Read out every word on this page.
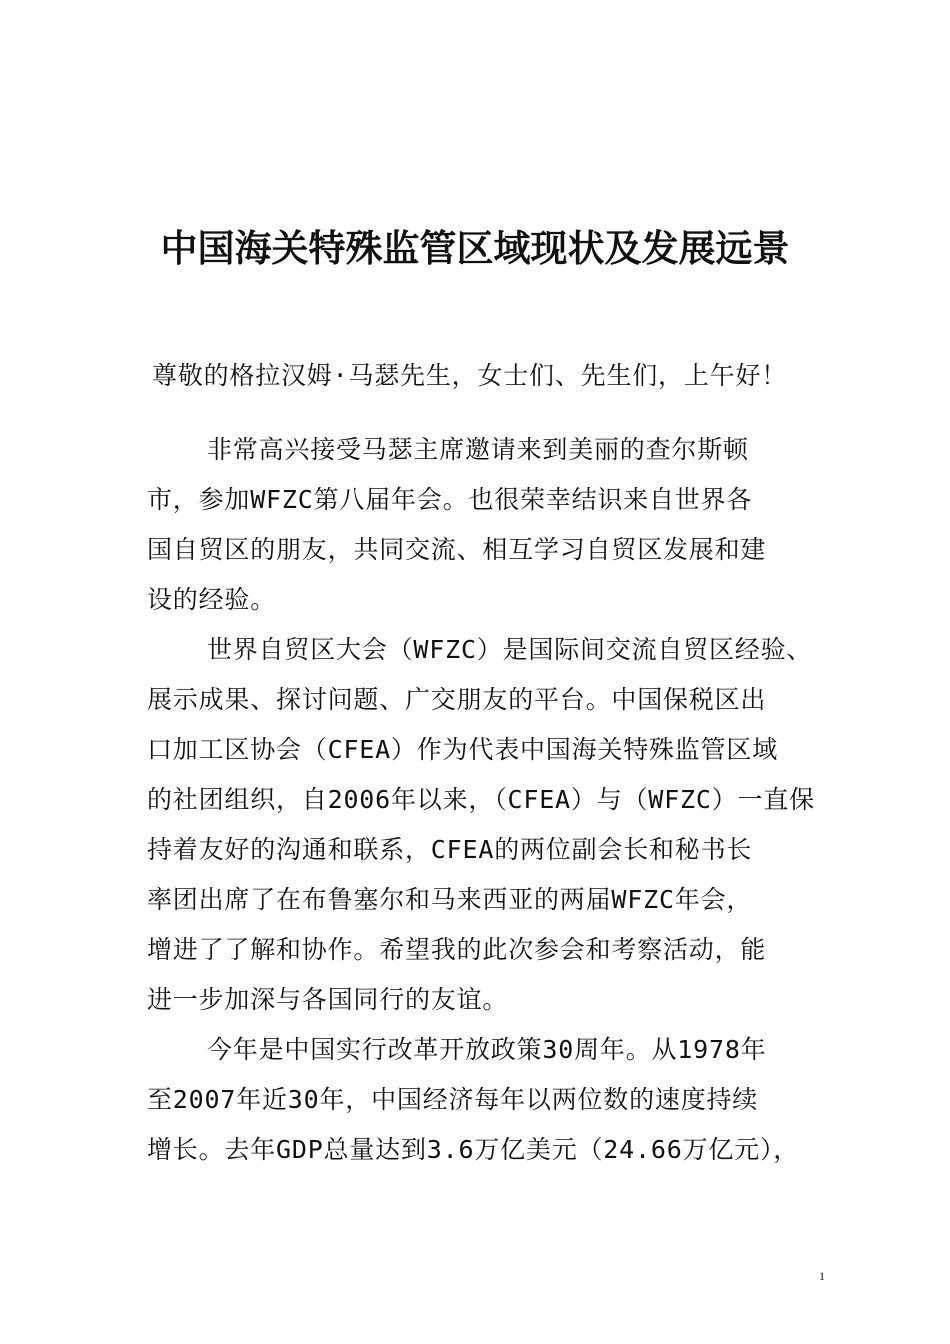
中国海关特殊监管区域现状及发展远景
尊敬的格拉汉姆·马瑟先生，女士们、先生们，上午好！
非常高兴接受马瑟主席邀请来到美丽的查尔斯顿
市，参加WFZC第八届年会。也很荣幸结识来自世界各
国自贸区的朋友，共同交流、相互学习自贸区发展和建
设的经验。
世界自贸区大会（WFZC）是国际间交流自贸区经验、
展示成果、探讨问题、广交朋友的平台。中国保税区出
口加工区协会（CFEA）作为代表中国海关特殊监管区域
的社团组织，自2006年以来，（CFEA）与（WFZC）一直保
持着友好的沟通和联系，CFEA的两位副会长和秘书长
率团出席了在布鲁塞尔和马来西亚的两届WFZC年会，
增进了了解和协作。希望我的此次参会和考察活动，能
进一步加深与各国同行的友谊。
今年是中国实行改革开放政策30周年。从1978年
至2007年近30年，中国经济每年以两位数的速度持续
增长。去年GDP总量达到3.6万亿美元（24.66万亿元），
1
